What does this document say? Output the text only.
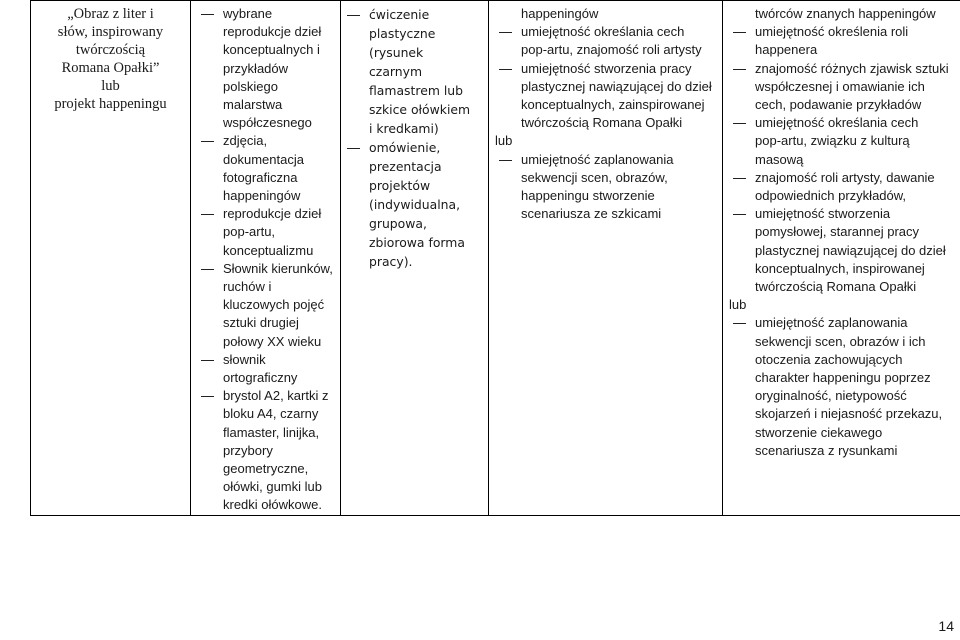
„Obraz z liter i
słów, inspirowany
twórczością
Romana Opałki”
lub
projekt happeningu

wybrane
reprodukcje dzieł
konceptualnych i
przykładów
polskiego
malarstwa
współczesnego
zdjęcia,
dokumentacja
fotograficzna
happeningów
reprodukcje dzieł
pop-artu,
konceptualizmu
Słownik kierunków,
ruchów i
kluczowych pojęć
sztuki drugiej
połowy XX wieku
słownik
ortograficzny
brystol A2, kartki z
bloku A4, czarny
flamaster, linijka,
przybory
geometryczne,
ołówki, gumki lub
kredki ołówkowe.

ćwiczenie
plastyczne
(rysunek
czarnym
flamastrem lub
szkice ołówkiem
i kredkami)
omówienie,
prezentacja
projektów
(indywidualna,
grupowa,
zbiorowa forma
pracy).

happeningów
umiejętność określania cech
pop-artu, znajomość roli artysty
umiejętność stworzenia pracy
plastycznej nawiązującej do dzieł
konceptualnych, zainspirowanej
twórczością Romana Opałki
lub
umiejętność zaplanowania
sekwencji scen, obrazów,
happeningu stworzenie
scenariusza ze szkicami

twórców znanych happeningów
umiejętność określenia roli
happenera
znajomość różnych zjawisk sztuki
współczesnej i omawianie ich
cech, podawanie przykładów
umiejętność określania cech
pop-artu, związku z kulturą
masową
znajomość roli artysty, dawanie
odpowiednich przykładów,
umiejętność stworzenia
pomysłowej, starannej pracy
plastycznej nawiązującej do dzieł
konceptualnych, inspirowanej
twórczością Romana Opałki
lub
umiejętność zaplanowania
sekwencji scen, obrazów i ich
otoczenia zachowujących
charakter happeningu poprzez
oryginalność, nietypowość
skojarzeń i niejasność przekazu,
stworzenie ciekawego
scenariusza z rysunkami
14
